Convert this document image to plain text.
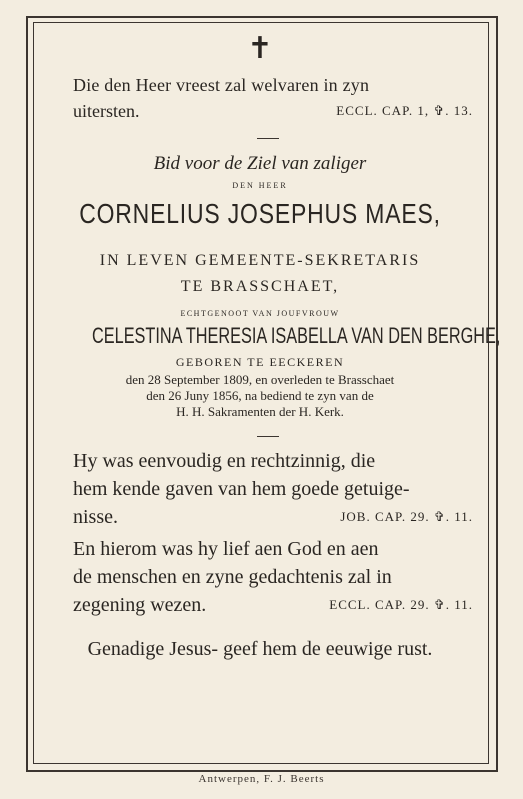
✝
Die den Heer vreest zal welvaren in zyn
uitersten.	ECCL. CAP. 1, ✞. 13.
Bid voor de Ziel van zaliger
DEN HEER
CORNELIUS JOSEPHUS MAES,
IN LEVEN GEMEENTE-SEKRETARIS
TE BRASSCHAET,
ECHTGENOOT VAN JOUFVROUW
CELESTINA THERESIA ISABELLA VAN DEN BERGHE,
GEBOREN TE EECKEREN
den 28 September 1809, en overleden te Brasschaet
den 26 Juny 1856, na bediend te zyn van de
H. H. Sakramenten der H. Kerk.
Hy was eenvoudig en rechtzinnig, die
hem kende gaven van hem goede getuige-
nisse.	JOB. CAP. 29. ✞. 11.
En hierom was hy lief aen God en aen
de menschen en zyne gedachtenis zal in
zegening wezen.	ECCL. CAP. 29. ✞. 11.
Genadige Jesus- geef hem de eeuwige rust.
Antwerpen, F. J. Beerts
